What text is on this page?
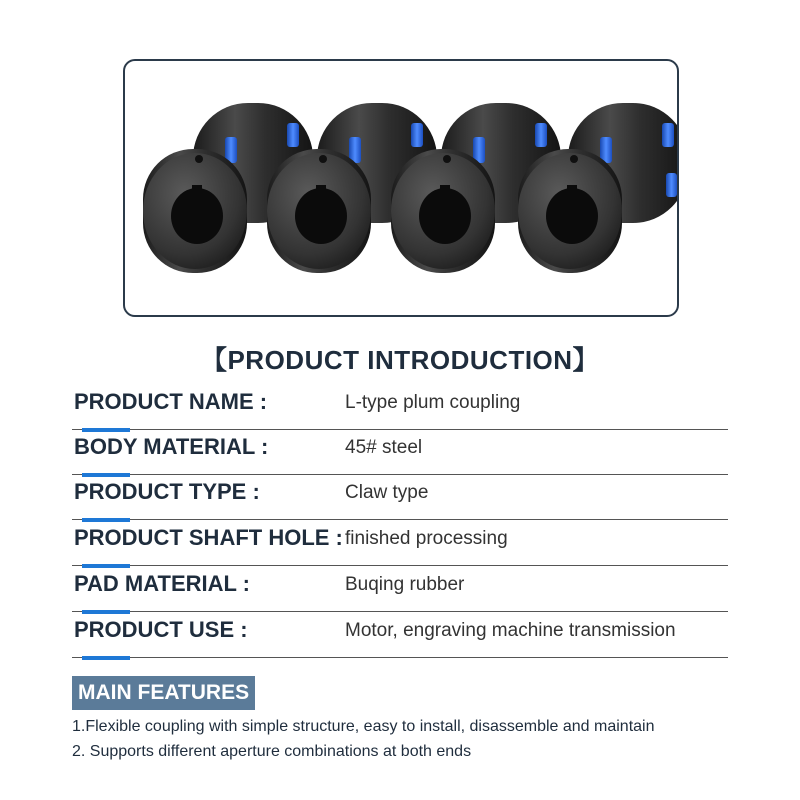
【PRODUCT INTRODUCTION】
PRODUCT NAME :	L-type plum coupling
BODY MATERIAL :	45# steel
PRODUCT TYPE :	Claw type
PRODUCT SHAFT HOLE : finished processing
PAD MATERIAL :	Buqing rubber
PRODUCT USE :	Motor, engraving machine transmission
MAIN FEATURES
1.Flexible coupling with simple structure, easy to install, disassemble and maintain
2. Supports different aperture combinations at both ends
